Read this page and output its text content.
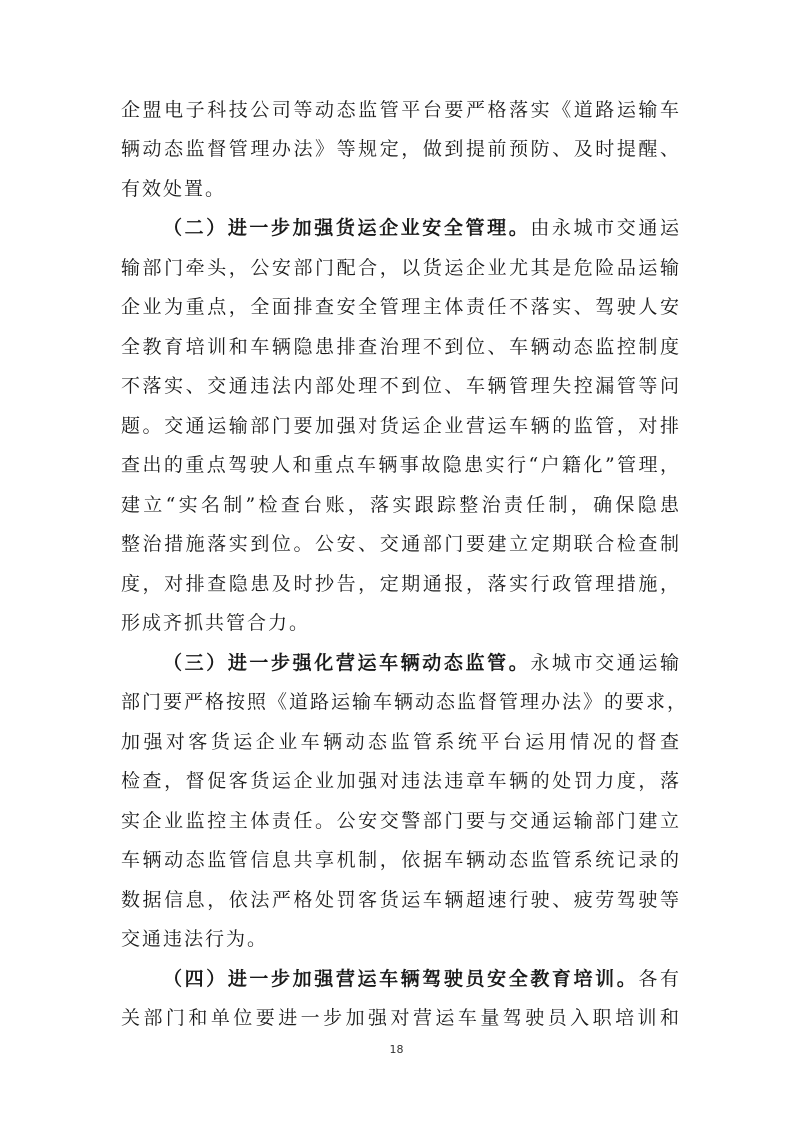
企盟电子科技公司等动态监管平台要严格落实《道路运输车
辆动态监督管理办法》等规定，做到提前预防、及时提醒、
有效处置。
（二）进一步加强货运企业安全管理。由永城市交通运
输部门牵头，公安部门配合，以货运企业尤其是危险品运输
企业为重点，全面排查安全管理主体责任不落实、驾驶人安
全教育培训和车辆隐患排查治理不到位、车辆动态监控制度
不落实、交通违法内部处理不到位、车辆管理失控漏管等问
题。交通运输部门要加强对货运企业营运车辆的监管，对排
查出的重点驾驶人和重点车辆事故隐患实行“户籍化”管理，
建立“实名制”检查台账，落实跟踪整治责任制，确保隐患
整治措施落实到位。公安、交通部门要建立定期联合检查制
度，对排查隐患及时抄告，定期通报，落实行政管理措施，
形成齐抓共管合力。
（三）进一步强化营运车辆动态监管。永城市交通运输
部门要严格按照《道路运输车辆动态监督管理办法》的要求，
加强对客货运企业车辆动态监管系统平台运用情况的督查
检查，督促客货运企业加强对违法违章车辆的处罚力度，落
实企业监控主体责任。公安交警部门要与交通运输部门建立
车辆动态监管信息共享机制，依据车辆动态监管系统记录的
数据信息，依法严格处罚客货运车辆超速行驶、疲劳驾驶等
交通违法行为。
（四）进一步加强营运车辆驾驶员安全教育培训。各有
关部门和单位要进一步加强对营运车量驾驶员入职培训和
18
